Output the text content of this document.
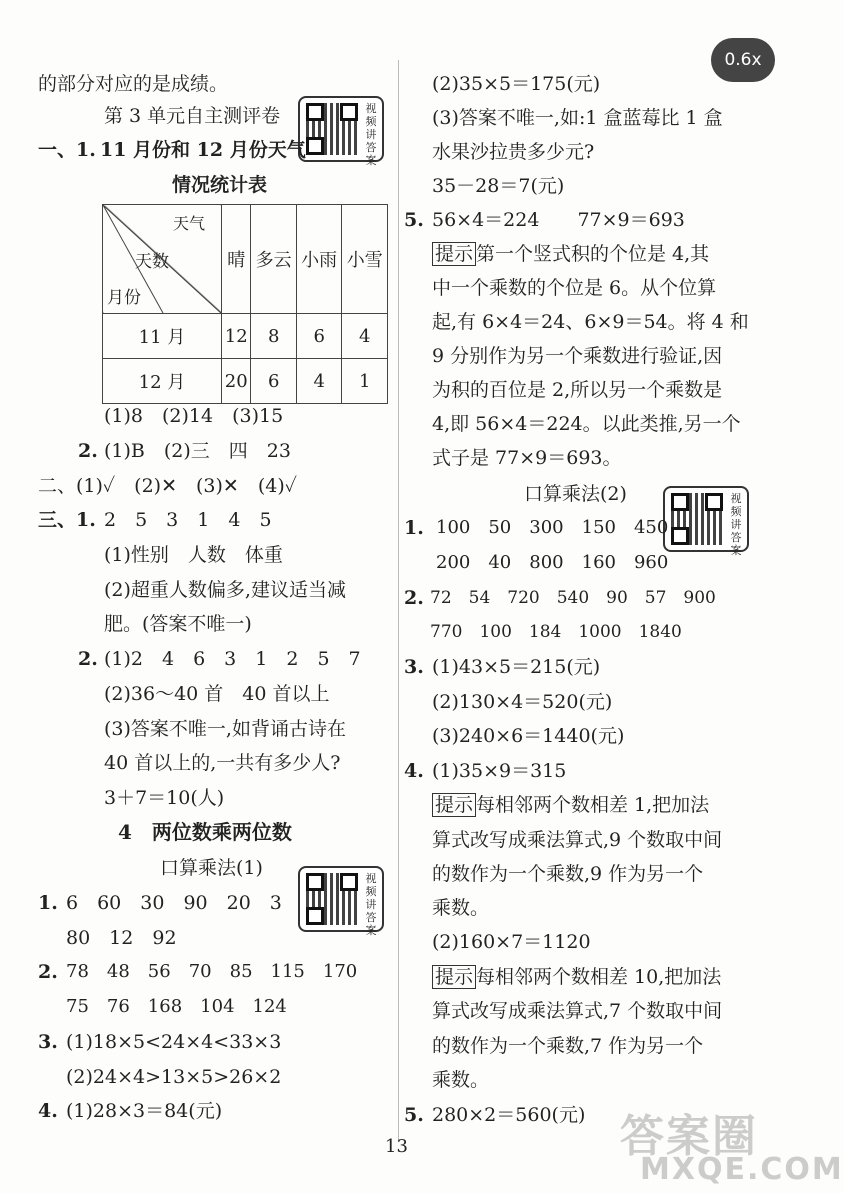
0.6x
视频讲答案
视频讲答案
视频讲答案
的部分对应的是成绩。
第 3 单元自主测评卷
一、1. 11 月份和 12 月份天气
情况统计表
天气
天数
月份	晴	多云	小雨	小雪
11 月	12	8	6	4
12 月	20	6	4	1
(1)8　(2)14　(3)15
2. (1)B　(2)三　四　23
二、(1)✓　(2)✕　(3)✕　(4)✓
三、1. 2　5　3　1　4　5
(1)性别　人数　体重
(2)超重人数偏多,建议适当减
肥。(答案不唯一)
2. (1)2　4　6　3　1　2　5　7
(2)36～40 首　40 首以上
(3)答案不唯一,如背诵古诗在
40 首以上的,一共有多少人?
3＋7＝10(人)
4　两位数乘两位数
口算乘法(1)
1. 6　60　30　90　20　3
80　12　92
2. 78　48　56　70　85　115　170
75　76　168　104　124
3. (1)18×5<24×4<33×3
(2)24×4>13×5>26×2
4. (1)28×3＝84(元)
(2)35×5＝175(元)
(3)答案不唯一,如:1 盒蓝莓比 1 盒
水果沙拉贵多少元?
35－28＝7(元)
5. 56×4＝224　　77×9＝693
提示 第一个竖式积的个位是 4,其
中一个乘数的个位是 6。从个位算
起,有 6×4＝24、6×9＝54。将 4 和
9 分别作为另一个乘数进行验证,因
为积的百位是 2,所以另一个乘数是
4,即 56×4＝224。以此类推,另一个
式子是 77×9＝693。
口算乘法(2)
1. 100　50　300　150　450
200　40　800　160　960
2. 72　54　720　540　90　57　900
770　100　184　1000　1840
3. (1)43×5＝215(元)
(2)130×4＝520(元)
(3)240×6＝1440(元)
4. (1)35×9＝315
提示 每相邻两个数相差 1,把加法
算式改写成乘法算式,9 个数取中间
的数作为一个乘数,9 作为另一个
乘数。
(2)160×7＝1120
提示 每相邻两个数相差 10,把加法
算式改写成乘法算式,7 个数取中间
的数作为一个乘数,7 作为另一个
乘数。
5. 280×2＝560(元)
13	答案圈
MXQE.COM
